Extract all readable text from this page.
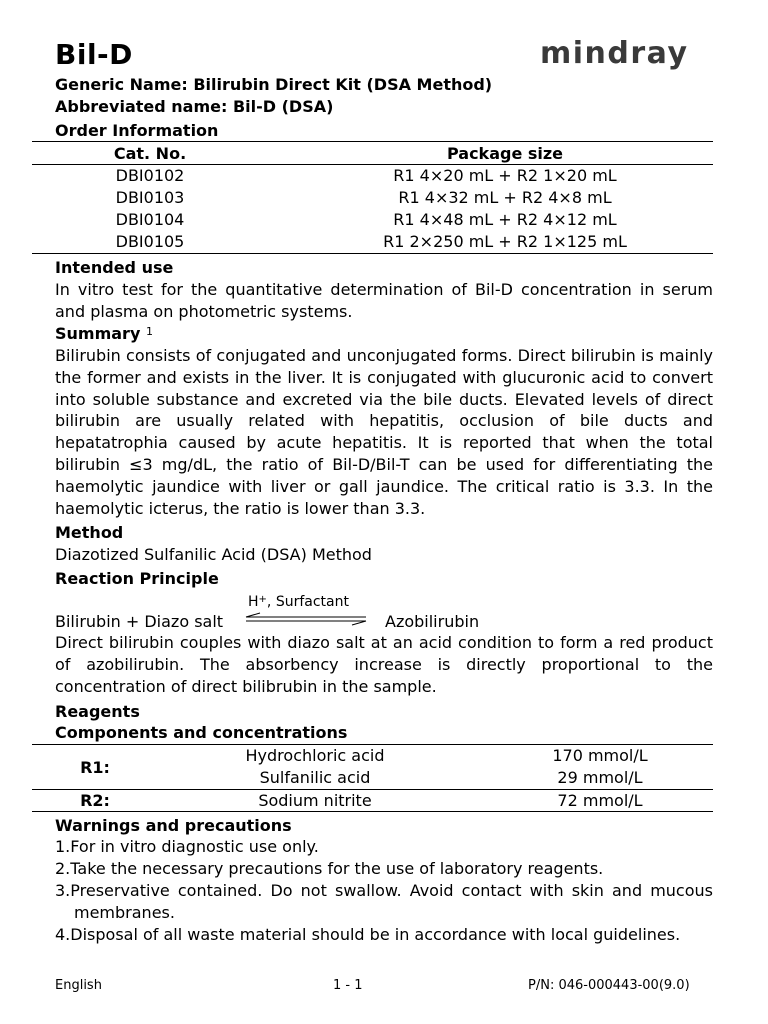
Bil-D	mindray
Generic Name: Bilirubin Direct Kit (DSA Method)
Abbreviated name: Bil-D (DSA)
Order Information
Cat. No.	Package size
DBI0102	R1 4×20 mL + R2 1×20 mL
DBI0103	R1 4×32 mL + R2 4×8 mL
DBI0104	R1 4×48 mL + R2 4×12 mL
DBI0105	R1 2×250 mL + R2 1×125 mL
Intended use
In vitro test for the quantitative determination of Bil-D concentration in serum and plasma on photometric systems.
Summary $^1$
Bilirubin consists of conjugated and unconjugated forms. Direct bilirubin is mainly the former and exists in the liver. It is conjugated with glucuronic acid to convert into soluble substance and excreted via the bile ducts. Elevated levels of direct bilirubin are usually related with hepatitis, occlusion of bile ducts and hepatatrophia caused by acute hepatitis. It is reported that when the total bilirubin ≤3 mg/dL, the ratio of Bil-D/Bil-T can be used for differentiating the haemolytic jaundice with liver or gall jaundice. The critical ratio is 3.3. In the haemolytic icterus, the ratio is lower than 3.3.
Method
Diazotized Sulfanilic Acid (DSA) Method
Reaction Principle
H+, Surfactant
Bilirubin + Diazo salt	Azobilirubin
Direct bilirubin couples with diazo salt at an acid condition to form a red product of azobilirubin. The absorbency increase is directly proportional to the concentration of direct bilibrubin in the sample.
Reagents
Components and concentrations
R1:
Hydrochloric acid	170 mmol/L
Sulfanilic acid	29 mmol/L
R2:	Sodium nitrite	72 mmol/L
Warnings and precautions
1.For in vitro diagnostic use only.
2.Take the necessary precautions for the use of laboratory reagents.
3.Preservative contained. Do not swallow. Avoid contact with skin and mucous membranes.
4.Disposal of all waste material should be in accordance with local guidelines.
English	1 - 1	P/N: 046-000443-00(9.0)
